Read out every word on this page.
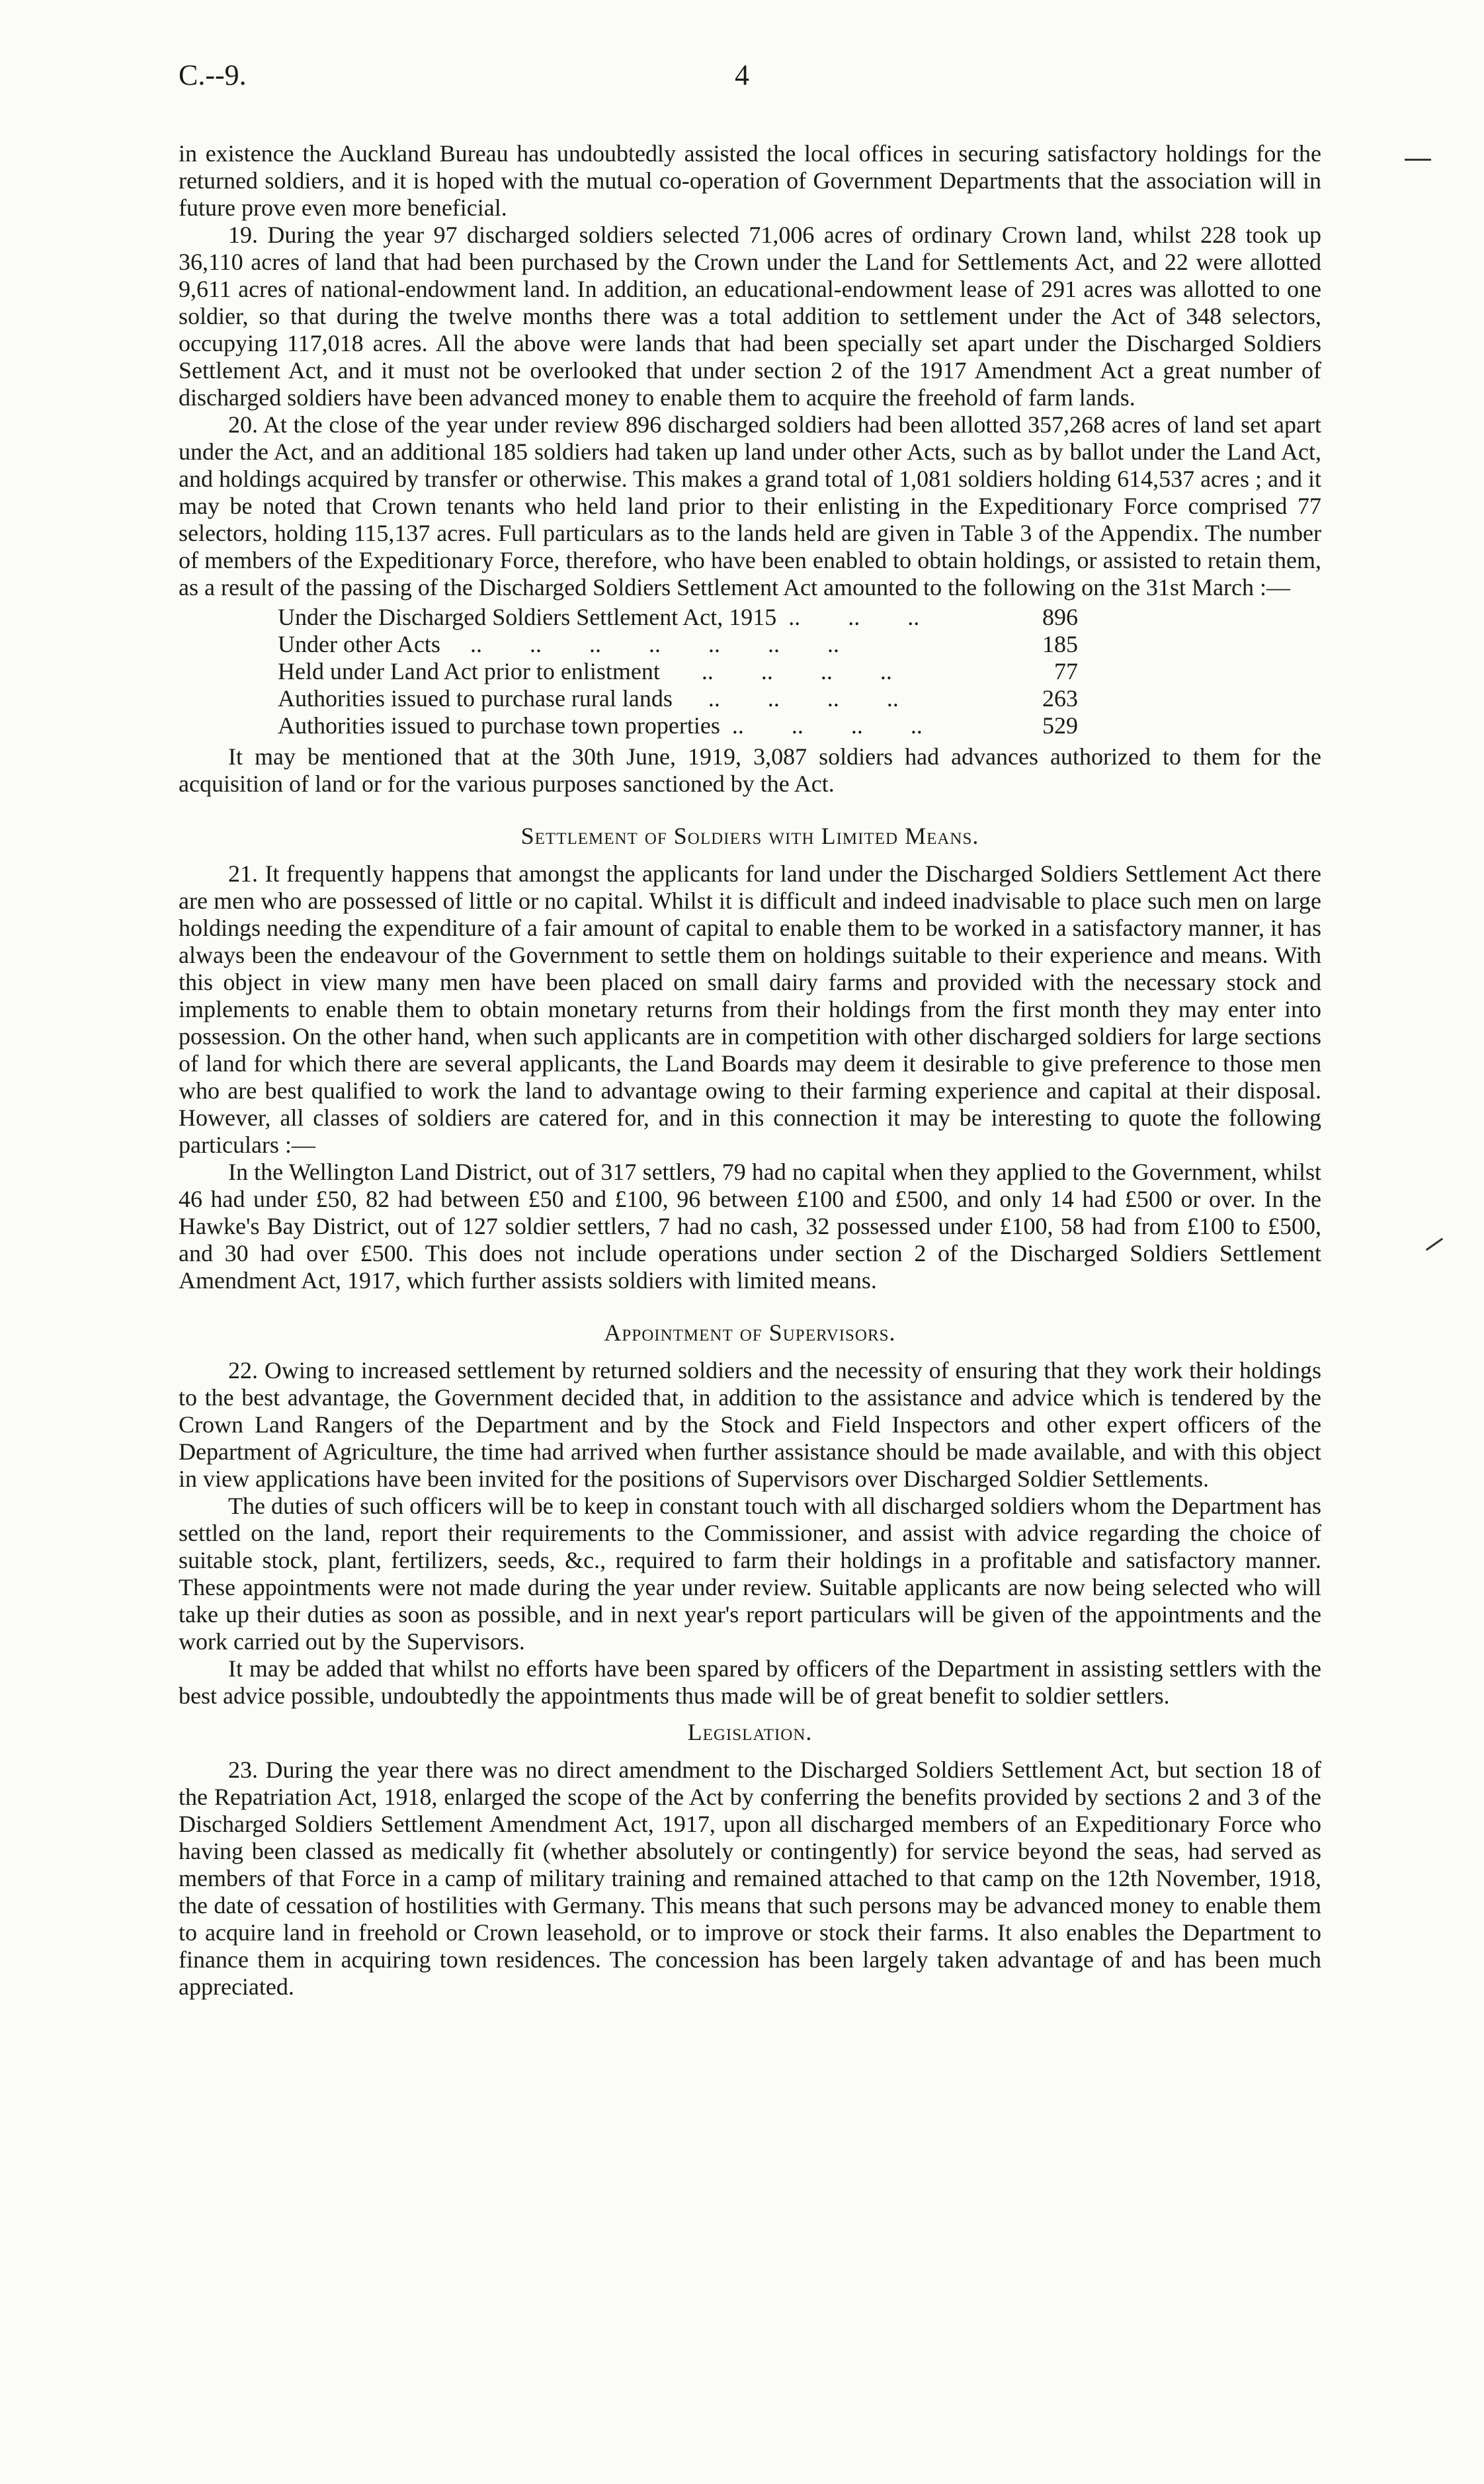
C.--9.	4

in existence the Auckland Bureau has undoubtedly assisted the local offices in securing satisfactory holdings for the returned soldiers, and it is hoped with the mutual co-operation of Government Departments that the association will in future prove even more beneficial.

19. During the year 97 discharged soldiers selected 71,006 acres of ordinary Crown land, whilst 228 took up 36,110 acres of land that had been purchased by the Crown under the Land for Settlements Act, and 22 were allotted 9,611 acres of national-endowment land. In addition, an educational-endowment lease of 291 acres was allotted to one soldier, so that during the twelve months there was a total addition to settlement under the Act of 348 selectors, occupying 117,018 acres. All the above were lands that had been specially set apart under the Discharged Soldiers Settlement Act, and it must not be overlooked that under section 2 of the 1917 Amendment Act a great number of discharged soldiers have been advanced money to enable them to acquire the freehold of farm lands.

20. At the close of the year under review 896 discharged soldiers had been allotted 357,268 acres of land set apart under the Act, and an additional 185 soldiers had taken up land under other Acts, such as by ballot under the Land Act, and holdings acquired by transfer or otherwise. This makes a grand total of 1,081 soldiers holding 614,537 acres ; and it may be noted that Crown tenants who held land prior to their enlisting in the Expeditionary Force comprised 77 selectors, holding 115,137 acres. Full particulars as to the lands held are given in Table 3 of the Appendix. The number of members of the Expeditionary Force, therefore, who have been enabled to obtain holdings, or assisted to retain them, as a result of the passing of the Discharged Soldiers Settlement Act amounted to the following on the 31st March :—

Under the Discharged Soldiers Settlement Act, 1915  ..        ..        ..	896
Under other Acts     ..        ..        ..        ..        ..        ..        ..	185
Held under Land Act prior to enlistment       ..        ..        ..        ..	77
Authorities issued to purchase rural lands      ..        ..        ..        ..	263
Authorities issued to purchase town properties  ..        ..        ..        ..	529

It may be mentioned that at the 30th June, 1919, 3,087 soldiers had advances authorized to them for the acquisition of land or for the various purposes sanctioned by the Act.

Settlement of Soldiers with Limited Means.

21. It frequently happens that amongst the applicants for land under the Discharged Soldiers Settlement Act there are men who are possessed of little or no capital. Whilst it is difficult and indeed inadvisable to place such men on large holdings needing the expenditure of a fair amount of capital to enable them to be worked in a satisfactory manner, it has always been the endeavour of the Government to settle them on holdings suitable to their experience and means. With this object in view many men have been placed on small dairy farms and provided with the necessary stock and implements to enable them to obtain monetary returns from their holdings from the first month they may enter into possession. On the other hand, when such applicants are in competition with other discharged soldiers for large sections of land for which there are several applicants, the Land Boards may deem it desirable to give preference to those men who are best qualified to work the land to advantage owing to their farming experience and capital at their disposal. However, all classes of soldiers are catered for, and in this connection it may be interesting to quote the following particulars :—

In the Wellington Land District, out of 317 settlers, 79 had no capital when they applied to the Government, whilst 46 had under £50, 82 had between £50 and £100, 96 between £100 and £500, and only 14 had £500 or over. In the Hawke's Bay District, out of 127 soldier settlers, 7 had no cash, 32 possessed under £100, 58 had from £100 to £500, and 30 had over £500. This does not include operations under section 2 of the Discharged Soldiers Settlement Amendment Act, 1917, which further assists soldiers with limited means.

Appointment of Supervisors.

22. Owing to increased settlement by returned soldiers and the necessity of ensuring that they work their holdings to the best advantage, the Government decided that, in addition to the assistance and advice which is tendered by the Crown Land Rangers of the Department and by the Stock and Field Inspectors and other expert officers of the Department of Agriculture, the time had arrived when further assistance should be made available, and with this object in view applications have been invited for the positions of Supervisors over Discharged Soldier Settlements.

The duties of such officers will be to keep in constant touch with all discharged soldiers whom the Department has settled on the land, report their requirements to the Commissioner, and assist with advice regarding the choice of suitable stock, plant, fertilizers, seeds, &c., required to farm their holdings in a profitable and satisfactory manner. These appointments were not made during the year under review. Suitable applicants are now being selected who will take up their duties as soon as possible, and in next year's report particulars will be given of the appointments and the work carried out by the Supervisors.

It may be added that whilst no efforts have been spared by officers of the Department in assisting settlers with the best advice possible, undoubtedly the appointments thus made will be of great benefit to soldier settlers.

Legislation.

23. During the year there was no direct amendment to the Discharged Soldiers Settlement Act, but section 18 of the Repatriation Act, 1918, enlarged the scope of the Act by conferring the benefits provided by sections 2 and 3 of the Discharged Soldiers Settlement Amendment Act, 1917, upon all discharged members of an Expeditionary Force who having been classed as medically fit (whether absolutely or contingently) for service beyond the seas, had served as members of that Force in a camp of military training and remained attached to that camp on the 12th November, 1918, the date of cessation of hostilities with Germany. This means that such persons may be advanced money to enable them to acquire land in freehold or Crown leasehold, or to improve or stock their farms. It also enables the Department to finance them in acquiring town residences. The concession has been largely taken advantage of and has been much appreciated.
